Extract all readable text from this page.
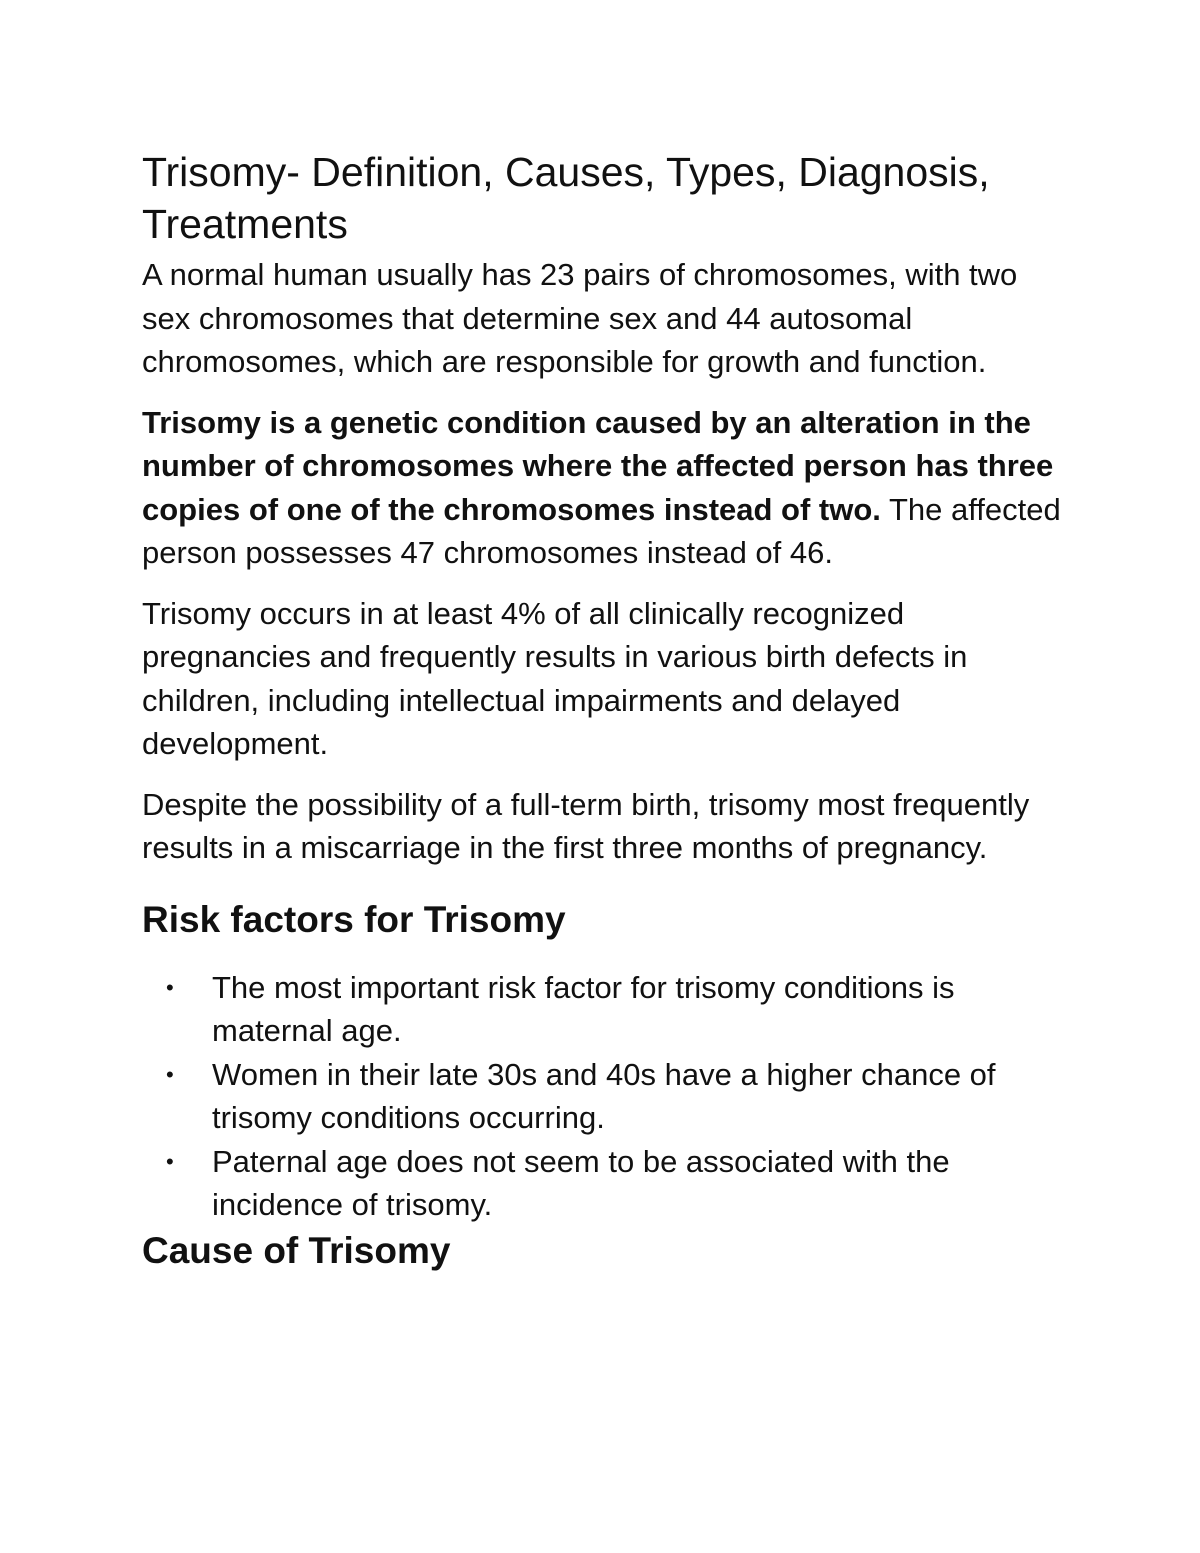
Trisomy- Definition, Causes, Types, Diagnosis, Treatments

A normal human usually has 23 pairs of chromosomes, with two sex chromosomes that determine sex and 44 autosomal chromosomes, which are responsible for growth and function.

Trisomy is a genetic condition caused by an alteration in the number of chromosomes where the affected person has three copies of one of the chromosomes instead of two. The affected person possesses 47 chromosomes instead of 46.

Trisomy occurs in at least 4% of all clinically recognized pregnancies and frequently results in various birth defects in children, including intellectual impairments and delayed development.

Despite the possibility of a full-term birth, trisomy most frequently results in a miscarriage in the first three months of pregnancy.

Risk factors for Trisomy
• The most important risk factor for trisomy conditions is maternal age.
• Women in their late 30s and 40s have a higher chance of trisomy conditions occurring.
• Paternal age does not seem to be associated with the incidence of trisomy.
Cause of Trisomy
